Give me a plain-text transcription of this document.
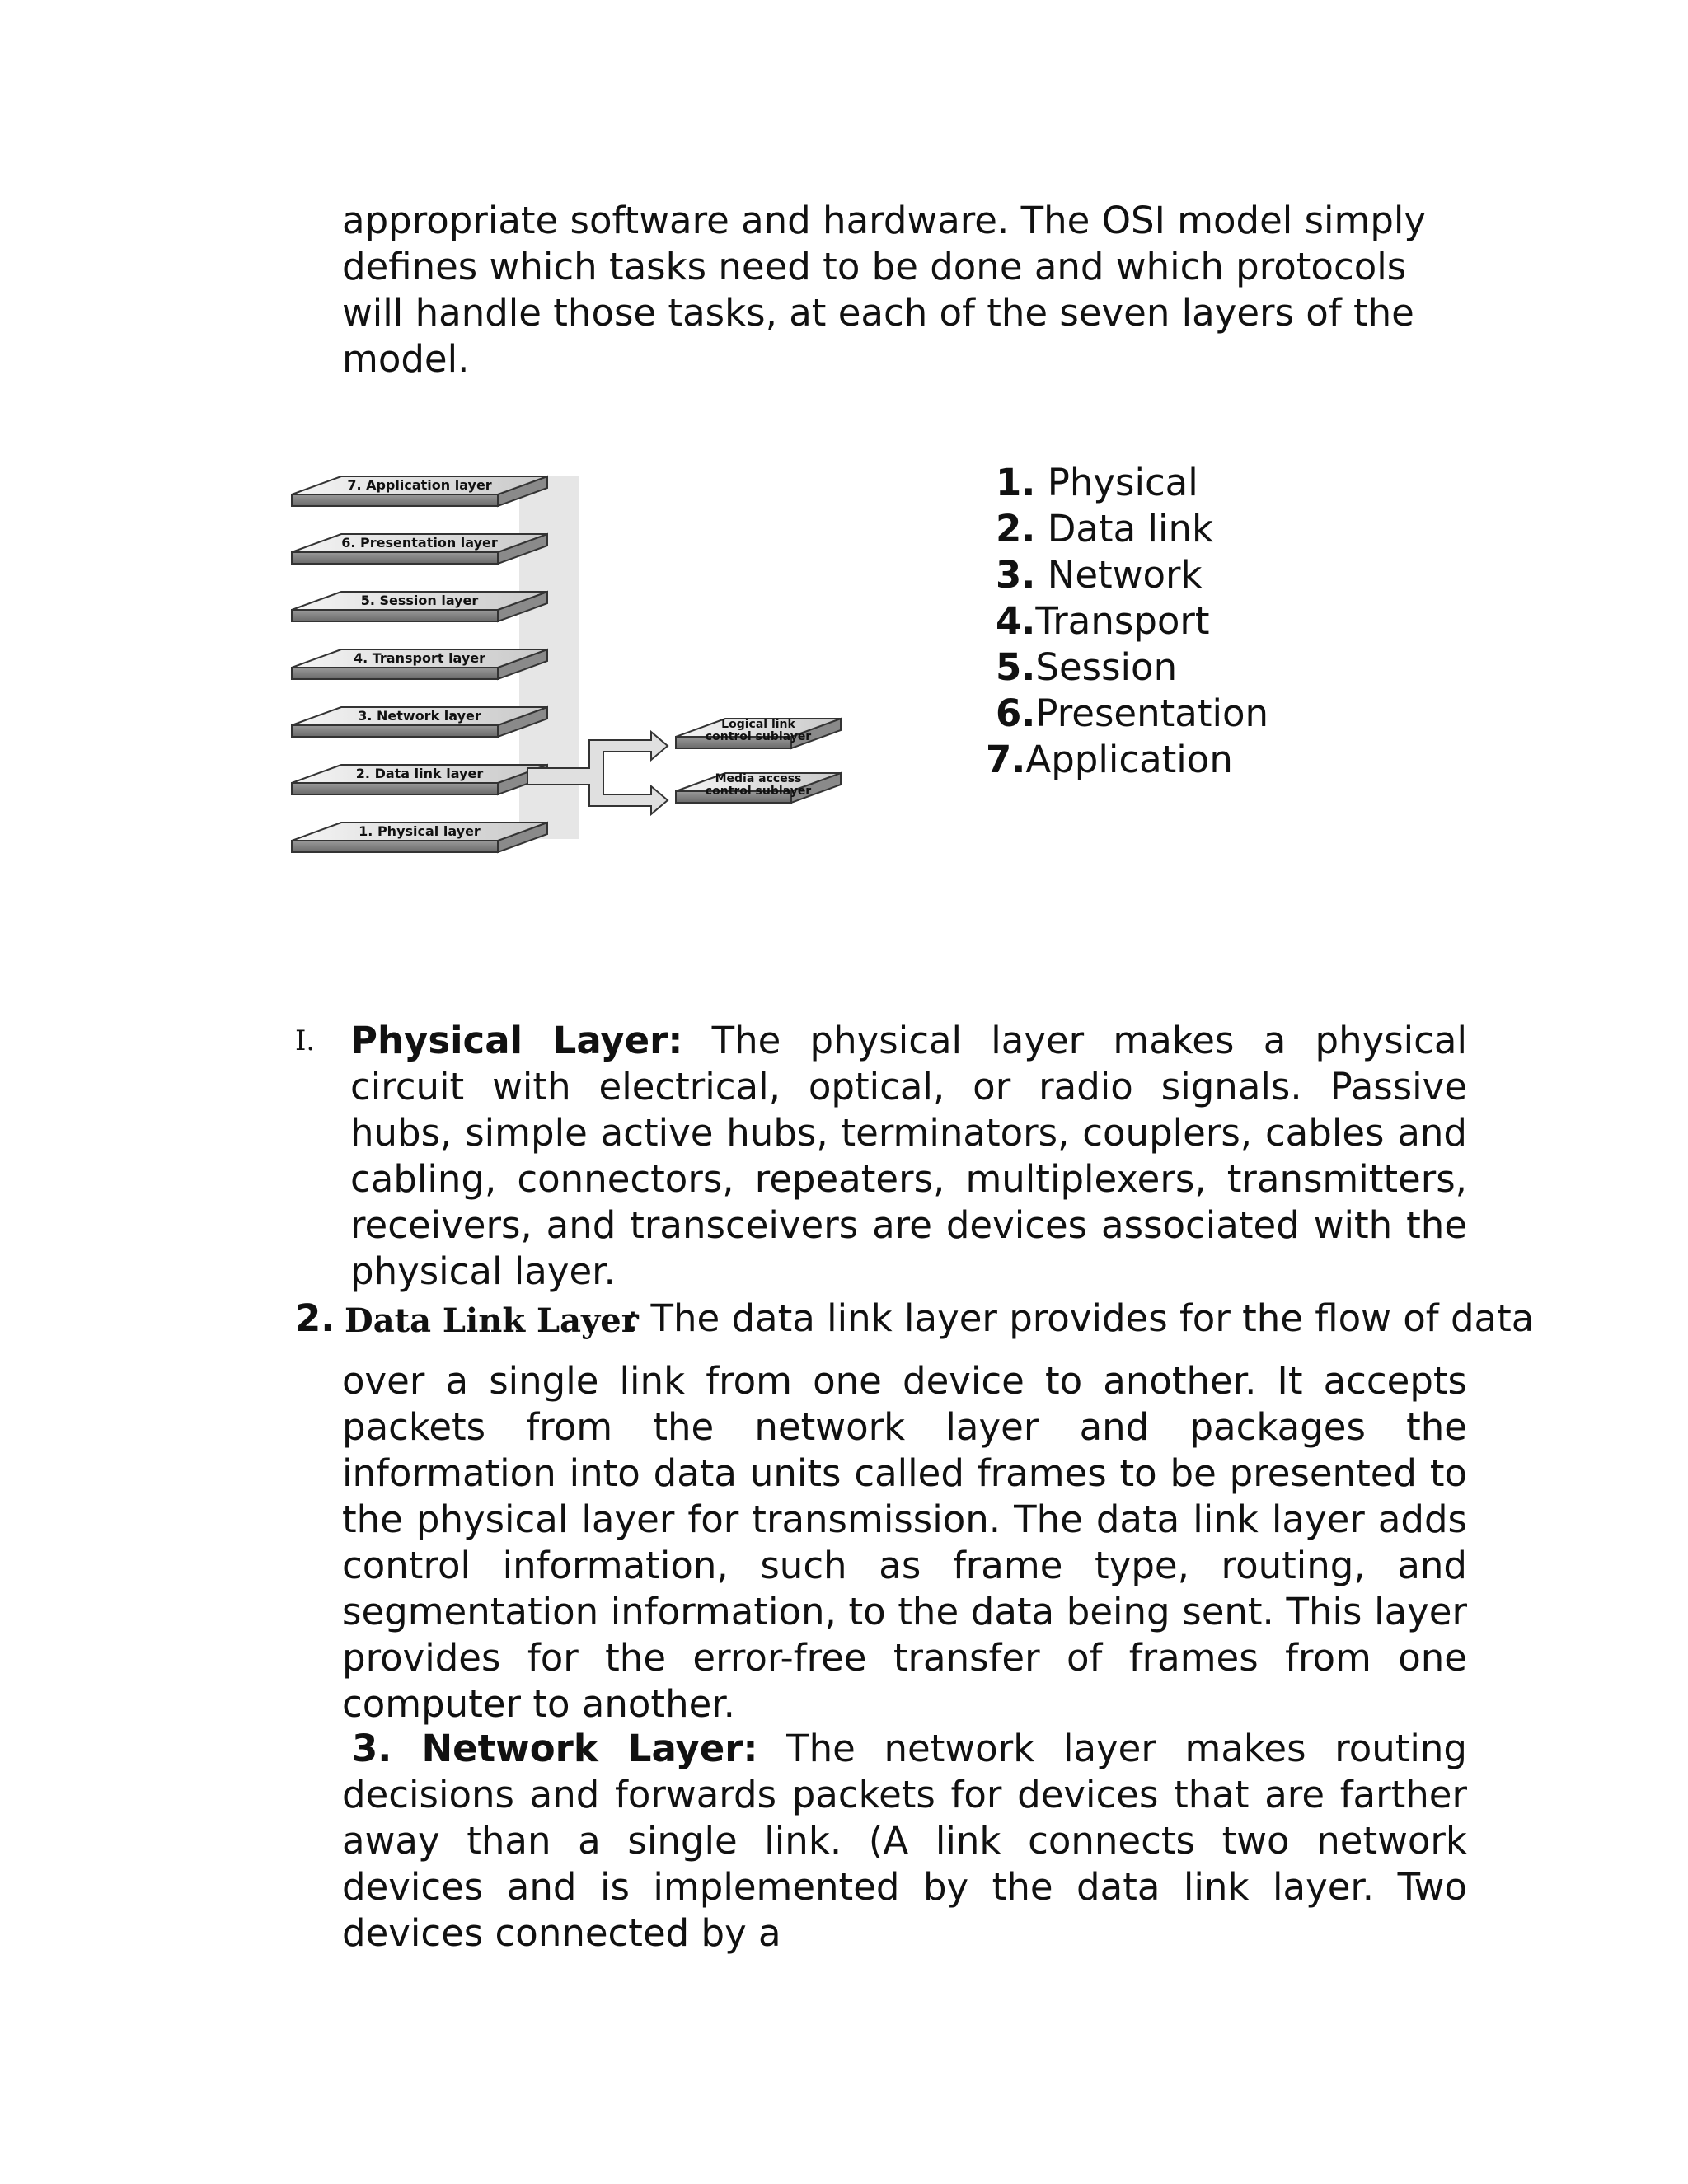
appropriate software and hardware. The OSI model simply defines which tasks need to be done and which protocols will handle those tasks, at each of the seven layers of the model.

7. Application layer
6. Presentation layer
5. Session layer
4. Transport layer
3. Network layer
2. Data link layer
1. Physical layer
Logical link
control sublayer
Media access
control sublayer
1. Physical
2. Data link
3. Network
4.Transport
5.Session
6.Presentation
7.Application
I. Physical Layer: The physical layer makes a physical circuit with electrical, optical, or radio signals. Passive hubs, simple active hubs, terminators, couplers, cables and cabling, connectors, repeaters, multiplexers, transmitters, receivers, and transceivers are devices associated with the physical layer.

2. Data Link Layer
: The data link layer provides for the flow of data

over a single link from one device to another. It accepts packets from the network layer and packages the information into data units called frames to be presented to the physical layer for transmission. The data link layer adds control information, such as frame type, routing, and segmentation information, to the data being sent. This layer provides for the error-free transfer of frames from one computer to another.

3. Network Layer: The network layer makes routing decisions and forwards packets for devices that are farther away than a single link. (A link connects two network devices and is implemented by the data link layer. Two devices connected by a
